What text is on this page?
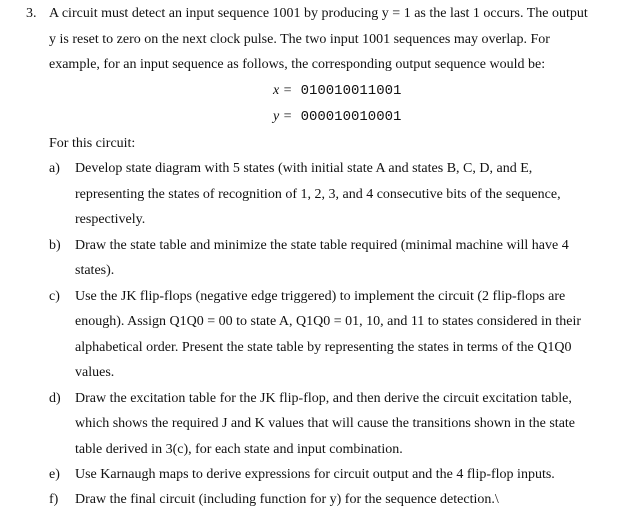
3. A circuit must detect an input sequence 1001 by producing y = 1 as the last 1 occurs. The output
y is reset to zero on the next clock pulse. The two input 1001 sequences may overlap. For
example, for an input sequence as follows, the corresponding output sequence would be:
x = 010010011001
y = 000010010001
For this circuit:
a) Develop state diagram with 5 states (with initial state A and states B, C, D, and E,
representing the states of recognition of 1, 2, 3, and 4 consecutive bits of the sequence,
respectively.
b) Draw the state table and minimize the state table required (minimal machine will have 4
states).
c) Use the JK flip-flops (negative edge triggered) to implement the circuit (2 flip-flops are
enough). Assign Q1Q0 = 00 to state A, Q1Q0 = 01, 10, and 11 to states considered in their
alphabetical order. Present the state table by representing the states in terms of the Q1Q0
values.
d) Draw the excitation table for the JK flip-flop, and then derive the circuit excitation table,
which shows the required J and K values that will cause the transitions shown in the state
table derived in 3(c), for each state and input combination.
e) Use Karnaugh maps to derive expressions for circuit output and the 4 flip-flop inputs.
f) Draw the final circuit (including function for y) for the sequence detection.\
